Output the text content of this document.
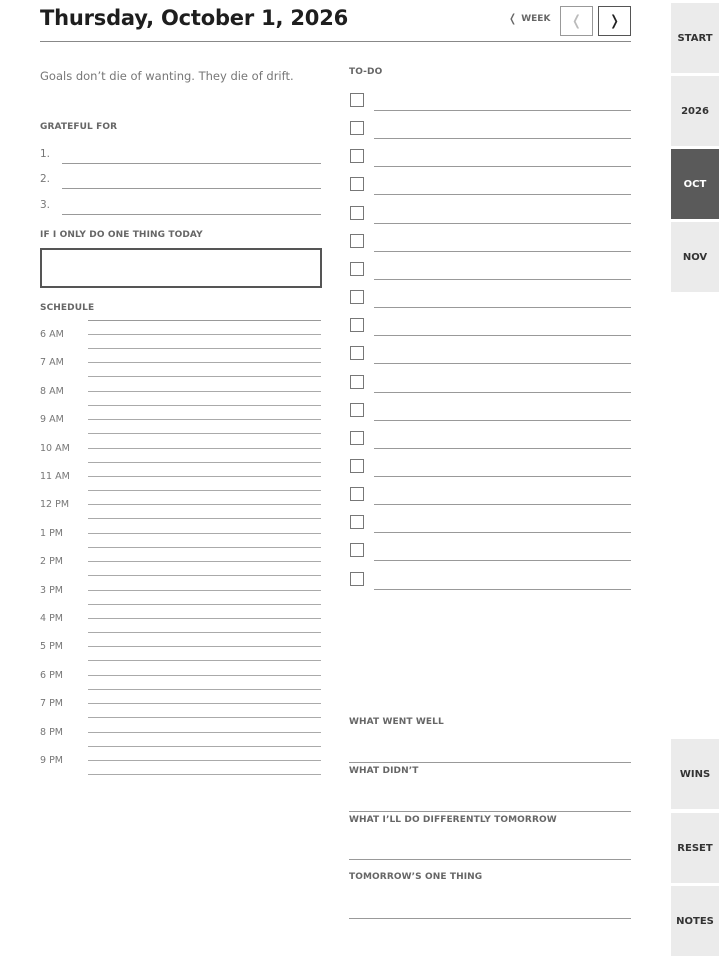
Thursday, October 1, 2026	❬ WEEK ❬ ❭
Goals don’t die of wanting. They die of drift.
GRATEFUL FOR
1.
2.
3.
IF I ONLY DO ONE THING TODAY
SCHEDULE
6 AM
7 AM
8 AM
9 AM
10 AM
11 AM
12 PM
1 PM
2 PM
3 PM
4 PM
5 PM
6 PM
7 PM
8 PM
9 PM
TO-DO
WHAT WENT WELL
WHAT DIDN’T
WHAT I’LL DO DIFFERENTLY TOMORROW
TOMORROW’S ONE THING
START
2026
OCT
NOV
WINS
RESET
NOTES
